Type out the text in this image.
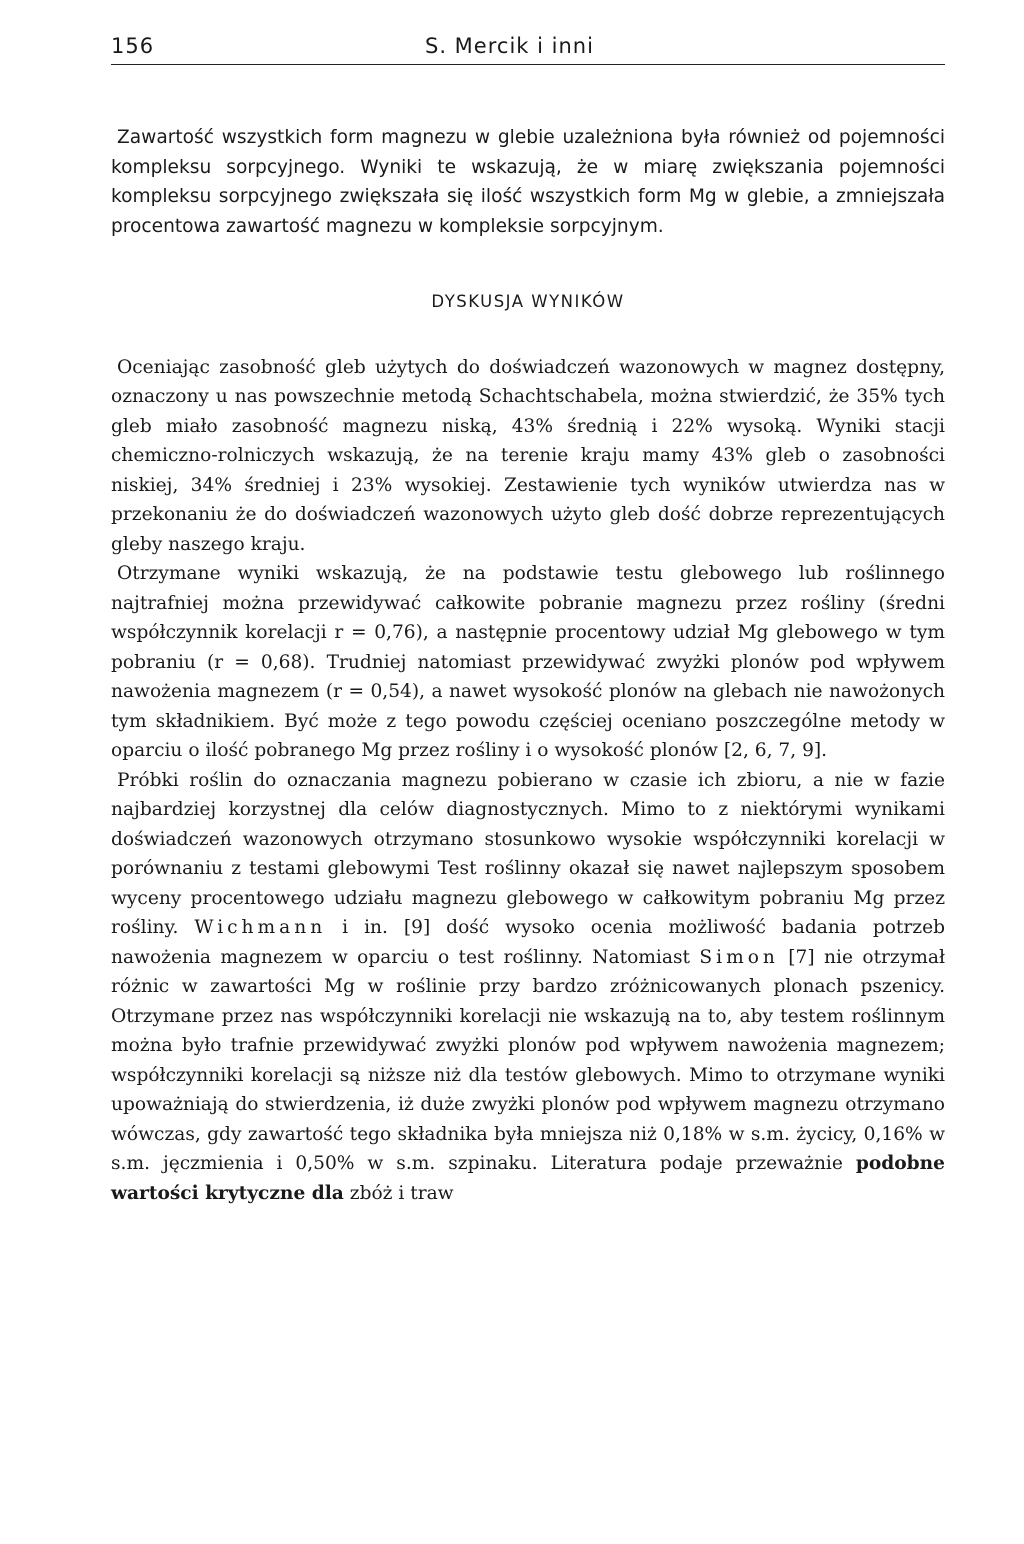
156	S. Mercik i inni

Zawartość wszystkich form magnezu w glebie uzależniona była również od pojemności kompleksu sorpcyjnego. Wyniki te wskazują, że w miarę zwiększania pojemności kompleksu sorpcyjnego zwiększała się ilość wszystkich form Mg w glebie, a zmniejszała procentowa zawartość magnezu w kompleksie sorpcyjnym.

DYSKUSJA WYNIKÓW

Oceniając zasobność gleb użytych do doświadczeń wazonowych w magnez dostępny, oznaczony u nas powszechnie metodą Schachtschabela, można stwierdzić, że 35% tych gleb miało zasobność magnezu niską, 43% średnią i 22% wysoką. Wyniki stacji chemiczno-rolniczych wskazują, że na terenie kraju mamy 43% gleb o zasobności niskiej, 34% średniej i 23% wysokiej. Zestawienie tych wyników utwierdza nas w przekonaniu że do doświadczeń wazonowych użyto gleb dość dobrze reprezentujących gleby naszego kraju.

Otrzymane wyniki wskazują, że na podstawie testu glebowego lub roślinnego najtrafniej można przewidywać całkowite pobranie magnezu przez rośliny (średni współczynnik korelacji r = 0,76), a następnie procentowy udział Mg glebowego w tym pobraniu (r = 0,68). Trudniej natomiast przewidywać zwyżki plonów pod wpływem nawożenia magnezem (r = 0,54), a nawet wysokość plonów na glebach nie nawożonych tym składnikiem. Być może z tego powodu częściej oceniano poszczególne metody w oparciu o ilość pobranego Mg przez rośliny i o wysokość plonów [2, 6, 7, 9].

Próbki roślin do oznaczania magnezu pobierano w czasie ich zbioru, a nie w fazie najbardziej korzystnej dla celów diagnostycznych. Mimo to z niektórymi wynikami doświadczeń wazonowych otrzymano stosunkowo wysokie współczynniki korelacji w porównaniu z testami glebowymi Test roślinny okazał się nawet najlepszym sposobem wyceny procentowego udziału magnezu glebowego w całkowitym pobraniu Mg przez rośliny. Wichmann i in. [9] dość wysoko ocenia możliwość badania potrzeb nawożenia magnezem w oparciu o test roślinny. Natomiast Simon [7] nie otrzymał różnic w zawartości Mg w roślinie przy bardzo zróżnicowanych plonach pszenicy. Otrzymane przez nas współczynniki korelacji nie wskazują na to, aby testem roślinnym można było trafnie przewidywać zwyżki plonów pod wpływem nawożenia magnezem; współczynniki korelacji są niższe niż dla testów glebowych. Mimo to otrzymane wyniki upoważniają do stwierdzenia, iż duże zwyżki plonów pod wpływem magnezu otrzymano wówczas, gdy zawartość tego składnika była mniejsza niż 0,18% w s.m. życicy, 0,16% w s.m. jęczmienia i 0,50% w s.m. szpinaku. Literatura podaje przeważnie podobne wartości krytyczne dla zbóż i traw
